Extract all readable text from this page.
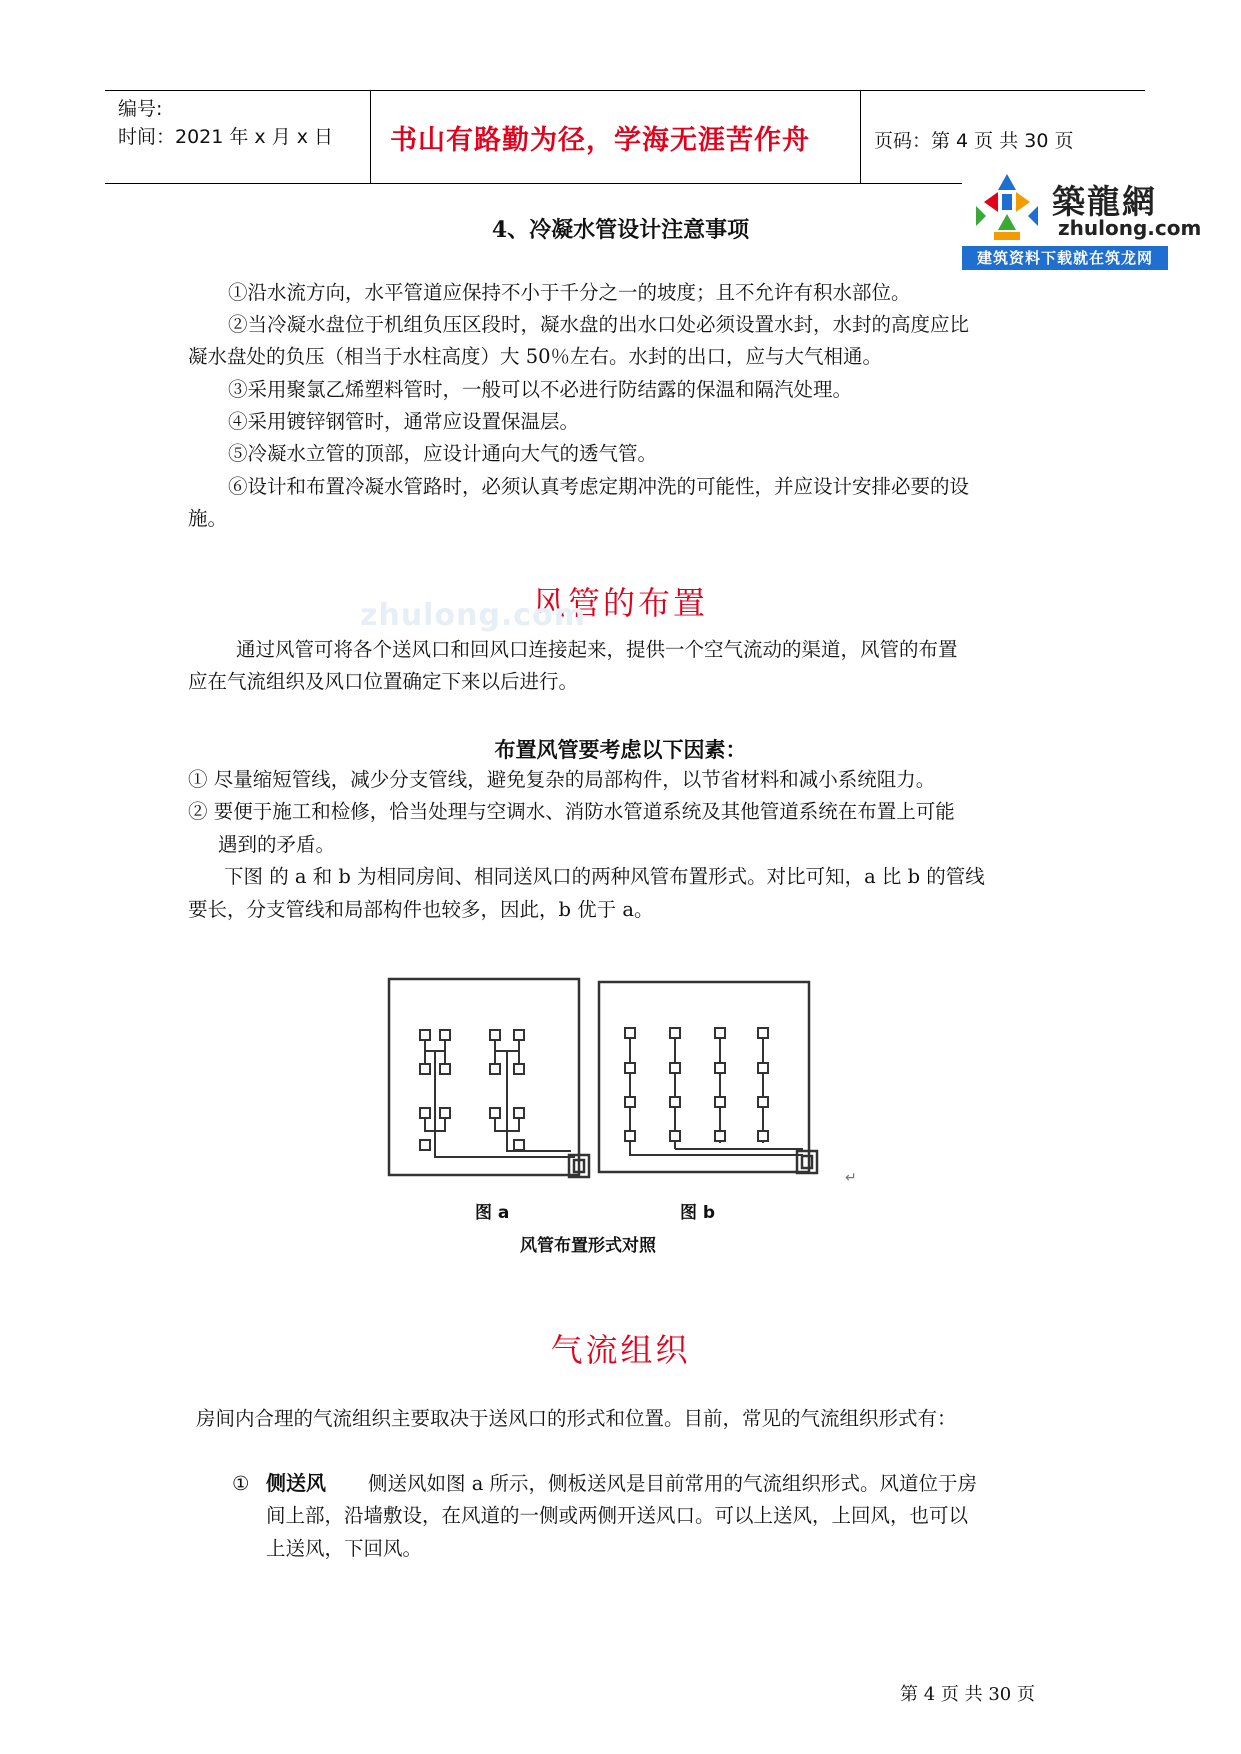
编号:
时间：2021 年 x 月 x 日 书山有路勤为径，学海无涯苦作舟	页码：第 4 页 共 30 页
築龍網
zhulong.com
建筑资料下载就在筑龙网
4、冷凝水管设计注意事项
①沿水流方向，水平管道应保持不小于千分之一的坡度；且不允许有积水部位。
②当冷凝水盘位于机组负压区段时，凝水盘的出水口处必须设置水封，水封的高度应比
凝水盘处的负压（相当于水柱高度）大 50％左右。水封的出口，应与大气相通。
③采用聚氯乙烯塑料管时，一般可以不必进行防结露的保温和隔汽处理。
④采用镀锌钢管时，通常应设置保温层。
⑤冷凝水立管的顶部，应设计通向大气的透气管。
⑥设计和布置冷凝水管路时，必须认真考虑定期冲洗的可能性，并应设计安排必要的设
施。
风管的布置
zhulong.com
通过风管可将各个送风口和回风口连接起来，提供一个空气流动的渠道，风管的布置
应在气流组织及风口位置确定下来以后进行。
布置风管要考虑以下因素：
① 尽量缩短管线，减少分支管线，避免复杂的局部构件，以节省材料和减小系统阻力。
② 要便于施工和检修，恰当处理与空调水、消防水管道系统及其他管道系统在布置上可能
遇到的矛盾。
下图 的 a 和 b 为相同房间、相同送风口的两种风管布置形式。对比可知，a 比 b 的管线
要长，分支管线和局部构件也较多，因此，b 优于 a。
↵
图 a	图 b
风管布置形式对照
气流组织
房间内合理的气流组织主要取决于送风口的形式和位置。目前，常见的气流组织形式有：
① 侧送风 侧送风如图 a 所示，侧板送风是目前常用的气流组织形式。风道位于房
间上部，沿墙敷设，在风道的一侧或两侧开送风口。可以上送风，上回风，也可以
上送风，下回风。
第 4 页 共 30 页
